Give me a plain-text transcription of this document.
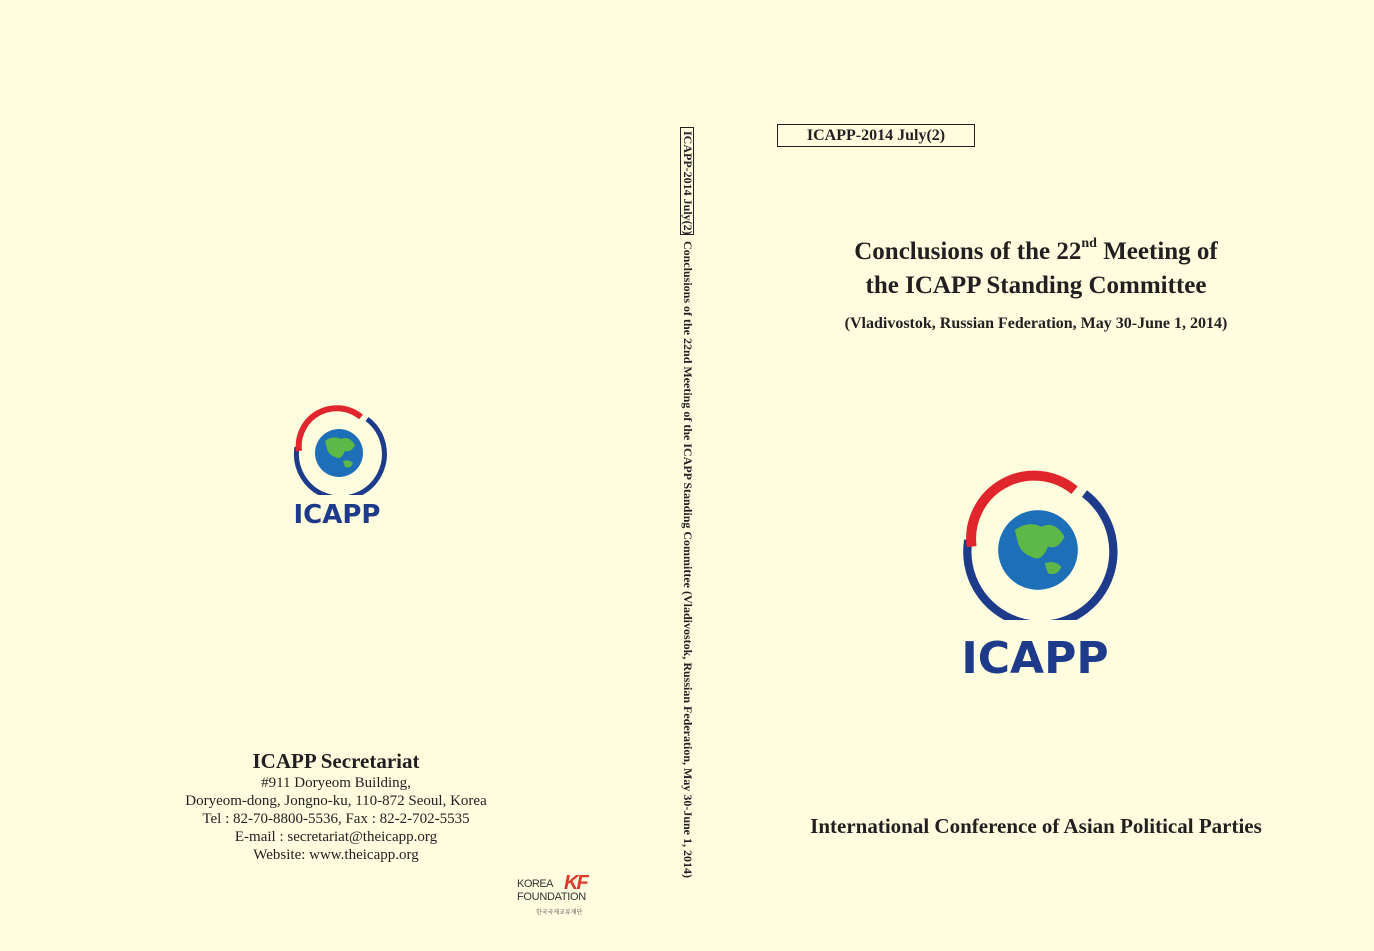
ICAPP
ICAPP Secretariat
#911 Doryeom Building,
Doryeom-dong, Jongno-ku, 110-872 Seoul, Korea
Tel : 82-70-8800-5536, Fax : 82-2-702-5535
E-mail : secretariat@theicapp.org
Website: www.theicapp.org
KOREA KF
FOUNDATION
한국국제교류재단
ICAPP-2014 July(2)
Conclusions of the 22nd Meeting of the ICAPP Standing Committee (Vladivostok, Russian Federation, May 30-June 1, 2014)
ICAPP-2014 July(2)
Conclusions of the 22nd Meeting of
the ICAPP Standing Committee
(Vladivostok, Russian Federation, May 30-June 1, 2014)
ICAPP
International Conference of Asian Political Parties
